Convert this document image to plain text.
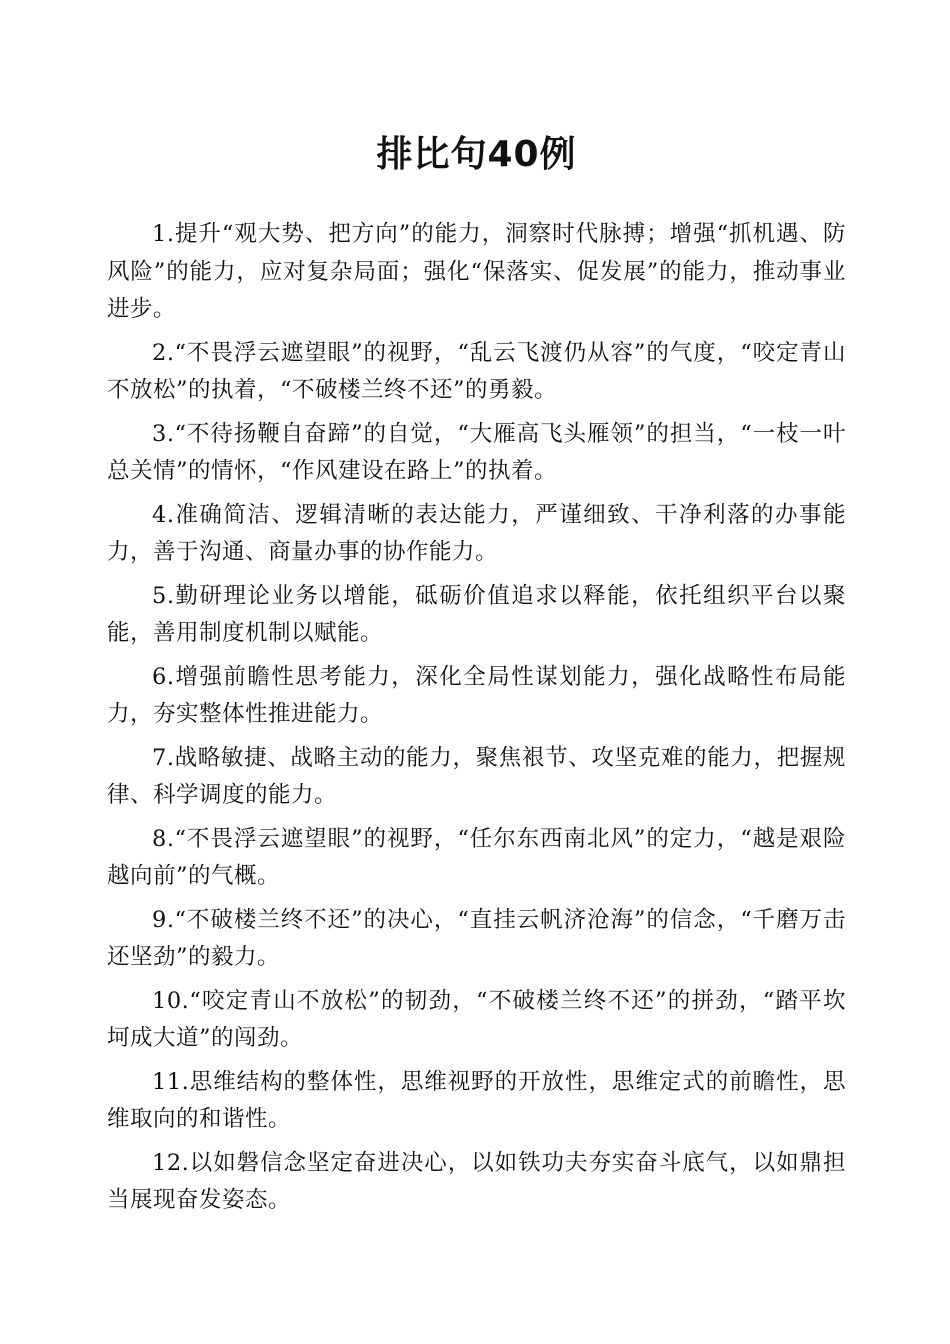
排比句40例

1.提升“观大势、把方向”的能力，洞察时代脉搏；增强“抓机遇、防风险”的能力，应对复杂局面；强化“保落实、促发展”的能力，推动事业进步。

2.“不畏浮云遮望眼”的视野，“乱云飞渡仍从容”的气度，“咬定青山不放松”的执着，“不破楼兰终不还”的勇毅。

3.“不待扬鞭自奋蹄”的自觉，“大雁高飞头雁领”的担当，“一枝一叶总关情”的情怀，“作风建设在路上”的执着。

4.准确简洁、逻辑清晰的表达能力，严谨细致、干净利落的办事能力，善于沟通、商量办事的协作能力。

5.勤研理论业务以增能，砥砺价值追求以释能，依托组织平台以聚能，善用制度机制以赋能。

6.增强前瞻性思考能力，深化全局性谋划能力，强化战略性布局能力，夯实整体性推进能力。

7.战略敏捷、战略主动的能力，聚焦裉节、攻坚克难的能力，把握规律、科学调度的能力。

8.“不畏浮云遮望眼”的视野，“任尔东西南北风”的定力，“越是艰险越向前”的气概。

9.“不破楼兰终不还”的决心，“直挂云帆济沧海”的信念，“千磨万击还坚劲”的毅力。

10.“咬定青山不放松”的韧劲，“不破楼兰终不还”的拼劲，“踏平坎坷成大道”的闯劲。

11.思维结构的整体性，思维视野的开放性，思维定式的前瞻性，思维取向的和谐性。

12.以如磐信念坚定奋进决心，以如铁功夫夯实奋斗底气，以如鼎担当展现奋发姿态。
